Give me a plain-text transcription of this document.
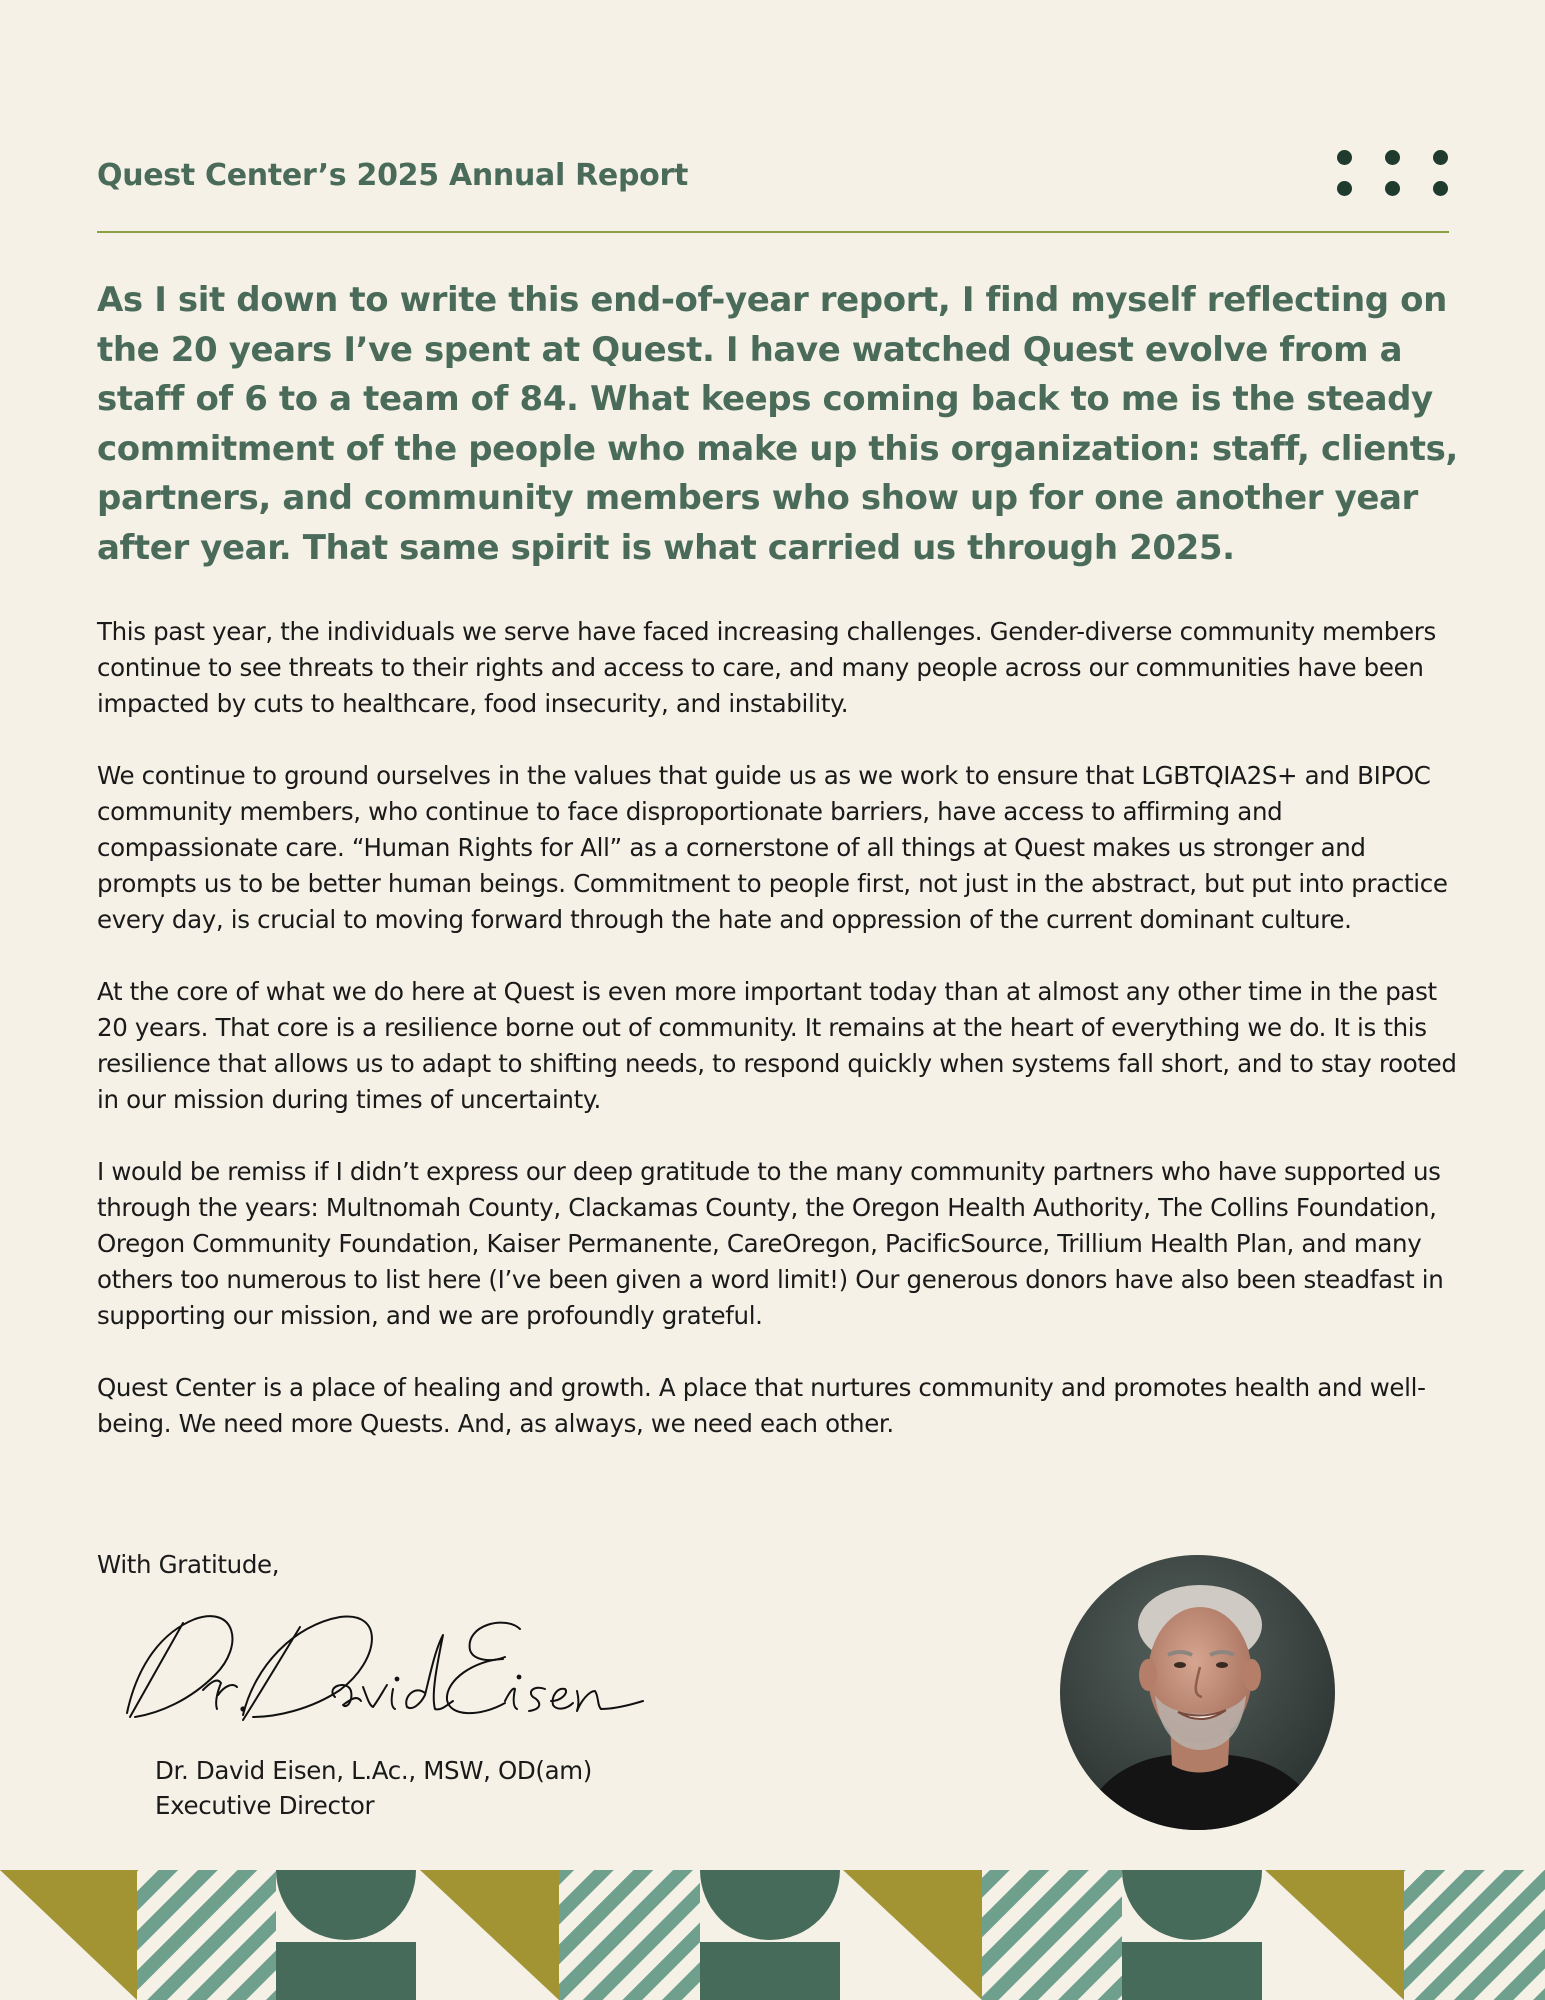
Quest Center’s 2025 Annual Report

As I sit down to write this end-of-year report, I find myself reflecting on the 20 years I’ve spent at Quest. I have watched Quest evolve from a staff of 6 to a team of 84. What keeps coming back to me is the steady commitment of the people who make up this organization: staff, clients, partners, and community members who show up for one another year after year. That same spirit is what carried us through 2025.

This past year, the individuals we serve have faced increasing challenges. Gender-diverse community members continue to see threats to their rights and access to care, and many people across our communities have been impacted by cuts to healthcare, food insecurity, and instability.

We continue to ground ourselves in the values that guide us as we work to ensure that LGBTQIA2S+ and BIPOC community members, who continue to face disproportionate barriers, have access to affirming and compassionate care. “Human Rights for All” as a cornerstone of all things at Quest makes us stronger and prompts us to be better human beings. Commitment to people first, not just in the abstract, but put into practice every day, is crucial to moving forward through the hate and oppression of the current dominant culture.

At the core of what we do here at Quest is even more important today than at almost any other time in the past 20 years. That core is a resilience borne out of community. It remains at the heart of everything we do. It is this resilience that allows us to adapt to shifting needs, to respond quickly when systems fall short, and to stay rooted in our mission during times of uncertainty.

I would be remiss if I didn’t express our deep gratitude to the many community partners who have supported us through the years: Multnomah County, Clackamas County, the Oregon Health Authority, The Collins Foundation, Oregon Community Foundation, Kaiser Permanente, CareOregon, PacificSource, Trillium Health Plan, and many others too numerous to list here (I’ve been given a word limit!) Our generous donors have also been steadfast in supporting our mission, and we are profoundly grateful.

Quest Center is a place of healing and growth. A place that nurtures community and promotes health and well-being. We need more Quests. And, as always, we need each other.

With Gratitude,
Dr. David Eisen, L.Ac., MSW, OD(am)
Executive Director
